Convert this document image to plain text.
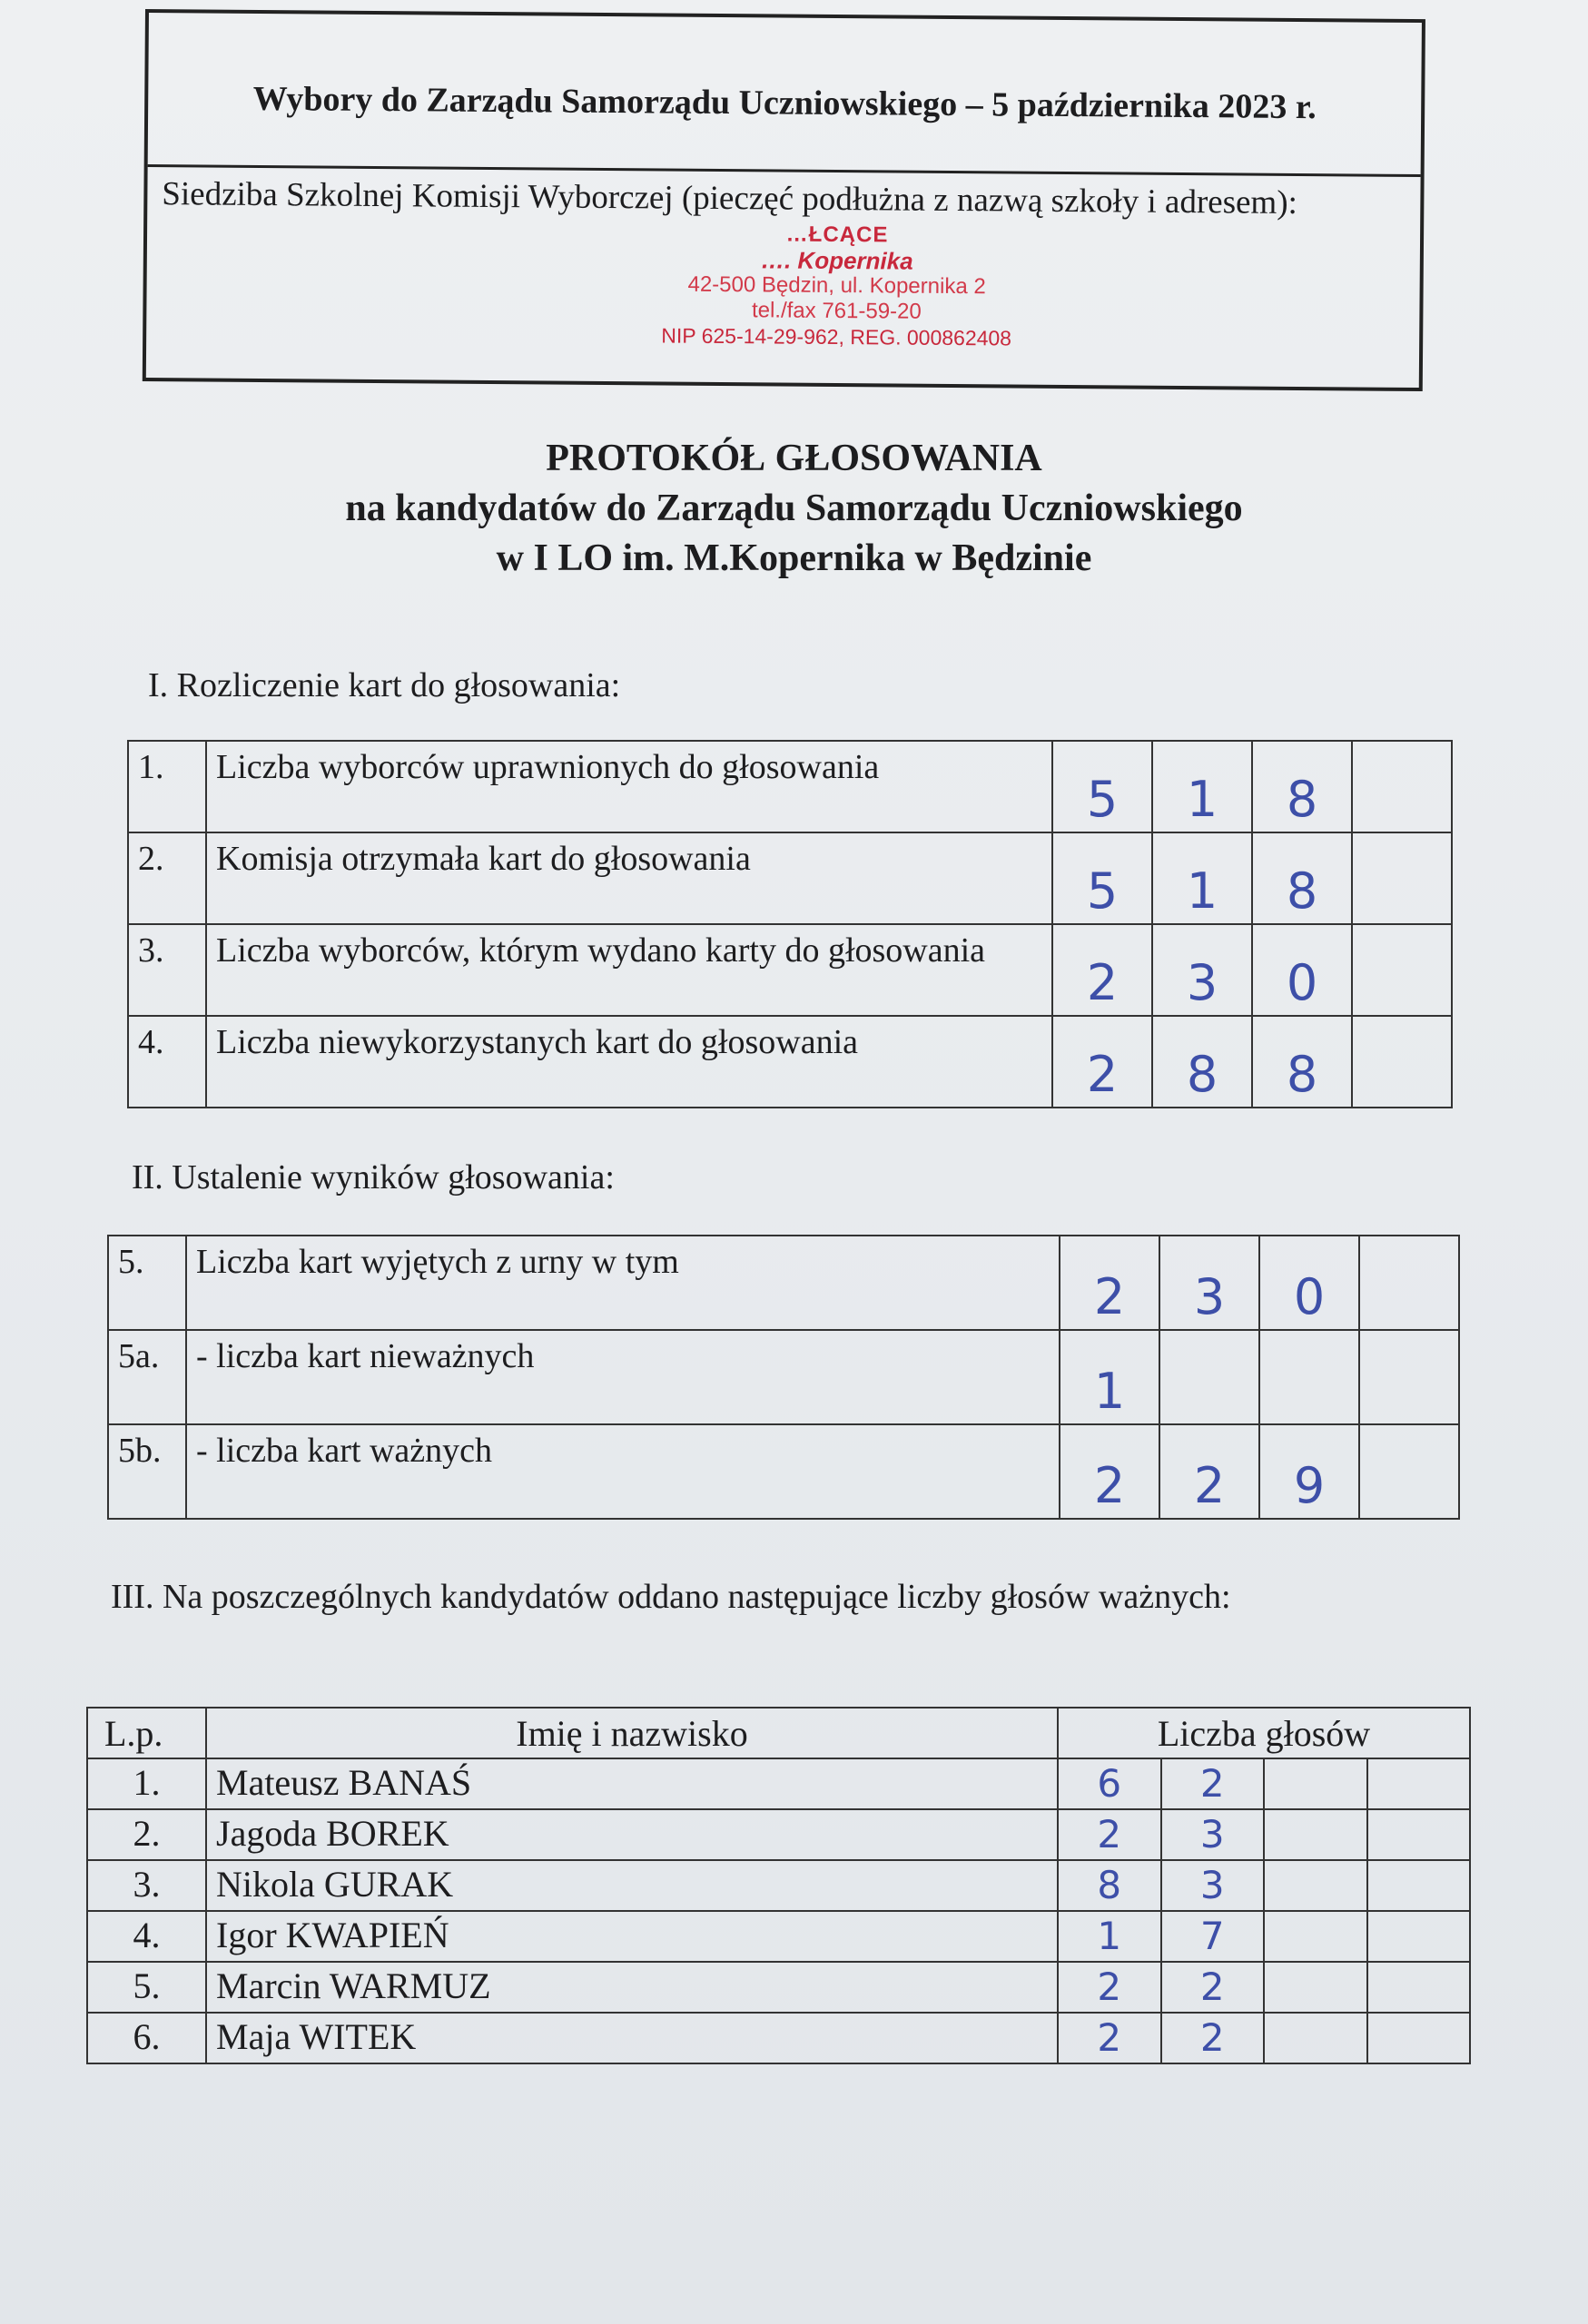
Wybory do Zarządu Samorządu Uczniowskiego – 5 października 2023 r.
Siedziba Szkolnej Komisji Wyborczej (pieczęć podłużna z nazwą szkoły i adresem):
…ŁCĄCE
…. Kopernika
42-500 Będzin, ul. Kopernika 2
tel./fax 761-59-20
NIP 625-14-29-962, REG. 000862408
PROTOKÓŁ GŁOSOWANIA
na kandydatów do Zarządu Samorządu Uczniowskiego
w I LO im. M.Kopernika w Będzinie
I. Rozliczenie kart do głosowania:
1.	Liczba wyborców uprawnionych do głosowania	5	1	8	
2.	Komisja otrzymała kart do głosowania	5	1	8	
3.	Liczba wyborców, którym wydano karty do głosowania	2	3	0	
4.	Liczba niewykorzystanych kart do głosowania	2	8	8	
II. Ustalenie wyników głosowania:
5.	Liczba kart wyjętych z urny w tym	2	3	0	
5a.	- liczba kart nieważnych	1			
5b.	- liczba kart ważnych	2	2	9	
III. Na poszczególnych kandydatów oddano następujące liczby głosów ważnych:
L.p.	Imię i nazwisko	Liczba głosów			
1.	Mateusz BANAŚ	6	2		
2.	Jagoda BOREK	2	3		
3.	Nikola GURAK	8	3		
4.	Igor KWAPIEŃ	1	7		
5.	Marcin WARMUZ	2	2		
6.	Maja WITEK	2	2		
